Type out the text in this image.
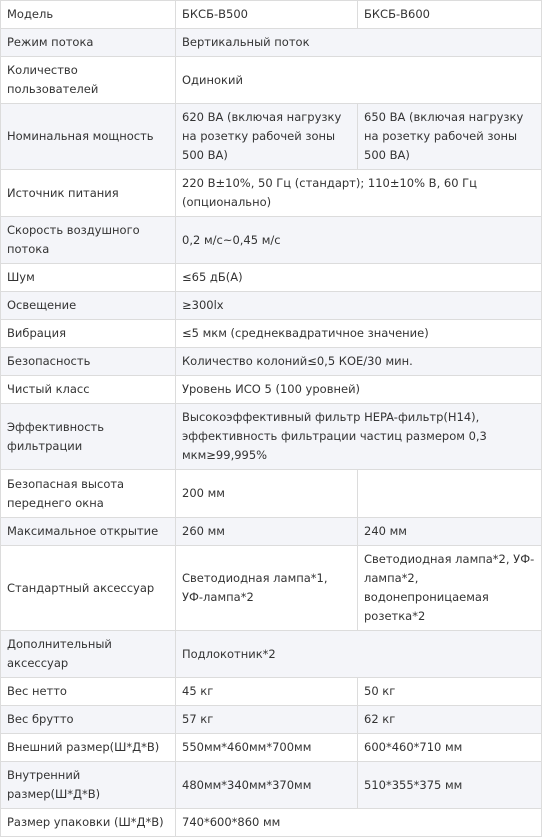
Модель	БКСБ-В500	БКСБ-В600
Режим потока	Вертикальный поток	
Количество пользователей	Одинокий	
Номинальная мощность	620 ВА (включая нагрузку на розетку рабочей зоны 500 ВА)	650 ВА (включая нагрузку на розетку рабочей зоны 500 ВА)
Источник питания	220 В±10%, 50 Гц (стандарт); 110±10% В, 60 Гц (опционально)	
Скорость воздушного потока	0,2 м/с~0,45 м/с	
Шум	≤65 дБ(А)	
Освещение	≥300lx	
Вибрация	≤5 мкм (среднеквадратичное значение)	
Безопасность	Количество колоний≤0,5 КОЕ/30 мин.	
Чистый класс	Уровень ИСО 5 (100 уровней)	
Эффективность фильтрации	Высокоэффективный фильтр HEPA-фильтр(H14), эффективность фильтрации частиц размером 0,3 мкм≥99,995%	
Безопасная высота переднего окна	200 мм	
Максимальное открытие	260 мм	240 мм
Стандартный аксессуар	Светодиодная лампа*1, УФ-лампа*2	Светодиодная лампа*2, УФ-лампа*2, водонепроницаемая розетка*2
Дополнительный аксессуар	Подлокотник*2	
Вес нетто	45 кг	50 кг
Вес брутто	57 кг	62 кг
Внешний размер(Ш*Д*В)	550мм*460мм*700мм	600*460*710 мм
Внутренний размер(Ш*Д*В)	480мм*340мм*370мм	510*355*375 мм
Размер упаковки (Ш*Д*В)	740*600*860 мм	
